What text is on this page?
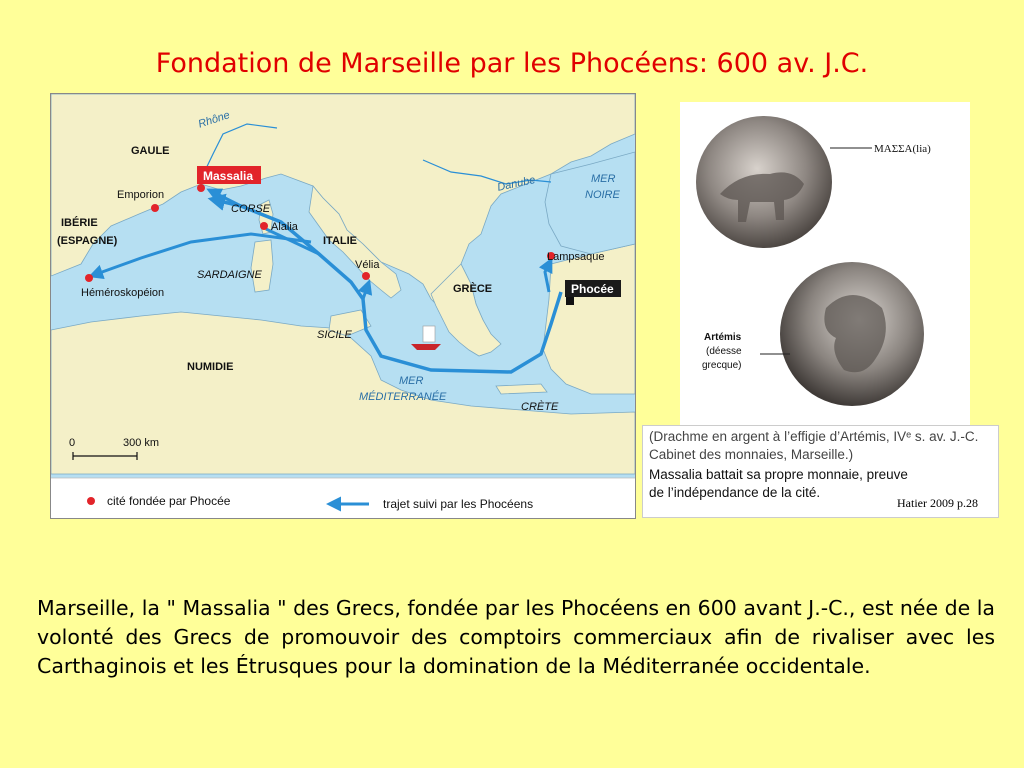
Fondation de Marseille par les Phocéens: 600 av. J.C.
Massalia
Phocée
Emporion
Alalia
Vélia
Lampsaque
Héméroskopéion
GAULE
IBÉRIE
(ESPAGNE)	ITALIE
GRÈCE
NUMIDIE
MER
NOIRE
MER
MÉDITERRANÉE
CORSE
SARDAIGNE
SICILE
CRÈTE
Rhône
Danube
0	300 km
cité fondée par Phocée	trajet suivi par les Phocéens
ΜΑΣΣΑ(lia)
Artémis
(déesse
grecque)
(Drachme en argent à l’effigie d’Artémis, IVᵉ s. av. J.-C.
Cabinet des monnaies, Marseille.)
Massalia battait sa propre monnaie, preuve
de l’indépendance de la cité.
Hatier 2009 p.28
Marseille, la " Massalia " des Grecs, fondée par les Phocéens en 600 avant J.-C., est née de la volonté des Grecs de promouvoir des comptoirs commerciaux afin de rivaliser avec les Carthaginois et les Étrusques pour la domination de la Méditerranée occidentale.
